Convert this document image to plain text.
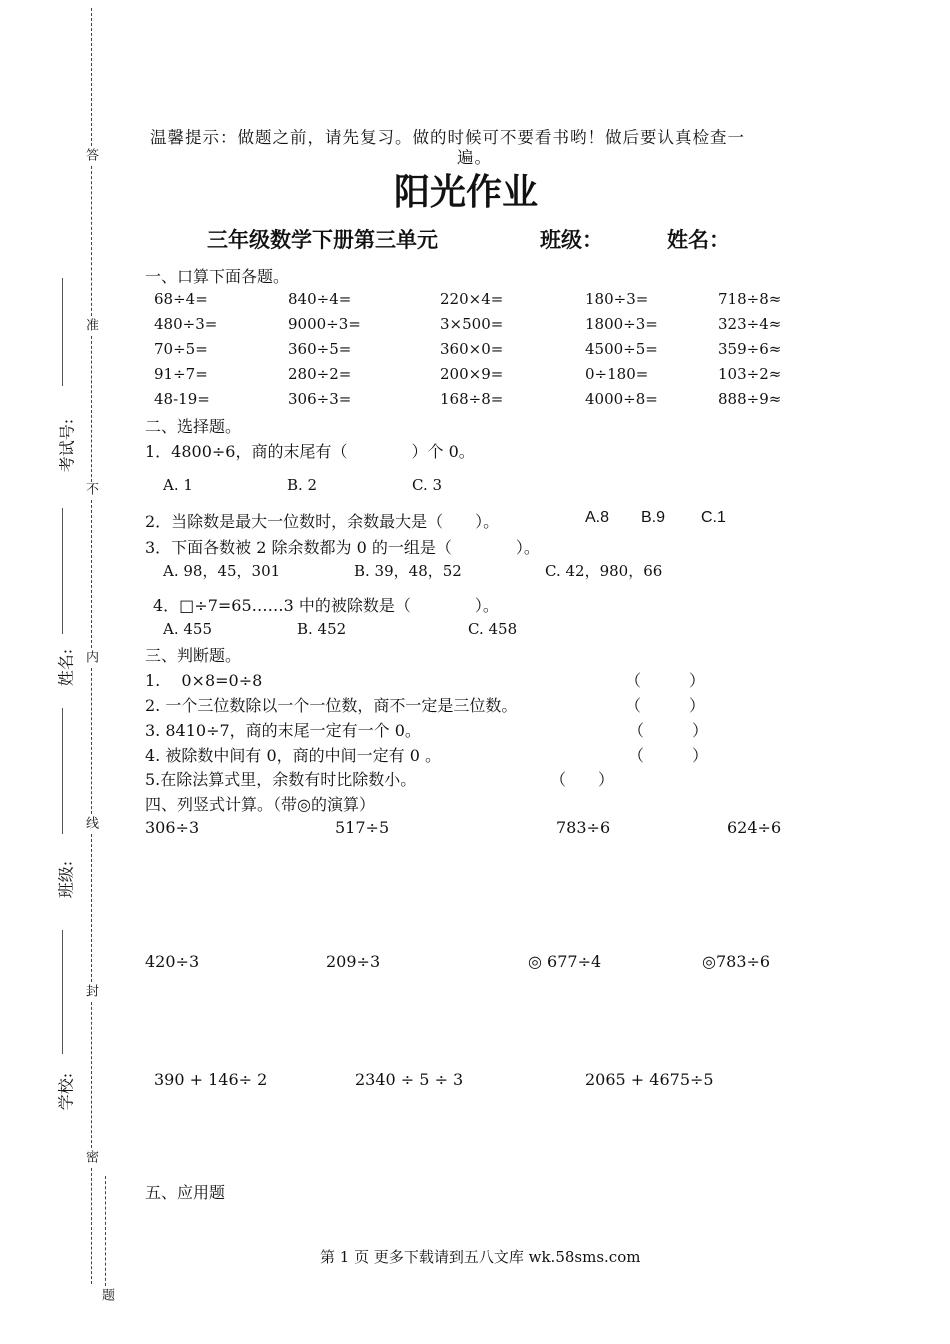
答
准
不
内
线
封
密
题
考试号:
姓名:
班级:
学校:
温馨提示：做题之前，请先复习。做的时候可不要看书哟！做后要认真检查一
遍。
阳光作业
三年级数学下册第三单元	班级：	姓名：
一、口算下面各题。
68÷4=	840÷4=	220×4=	180÷3=	718÷8≈
480÷3=	9000÷3=	3×500=	1800÷3=	323÷4≈
70÷5=	360÷5=	360×0=	4500÷5=	359÷6≈
91÷7=	280÷2=	200×9=	0÷180=	103÷2≈
48-19=	306÷3=	168÷8=	4000÷8=	888÷9≈
二、选择题。
1．4800÷6，商的末尾有（　　　　）个 0。
A. 1	B. 2	C. 3
2．当除数是最大一位数时，余数最大是（　　）。	A.8 B.9 C.1
3．下面各数被 2 除余数都为 0 的一组是（　　　　）。
A. 98，45，301	B. 39，48，52	C. 42，980，66
4．□÷7=65……3 中的被除数是（　　　　）。
A. 455	B. 452	C. 458
三、判断题。
1.　 0×8=0÷8	（　　　）
2. 一个三位数除以一个一位数，商不一定是三位数。	（　　　）
3. 8410÷7，商的末尾一定有一个 0。	（　　　）
4. 被除数中间有 0，商的中间一定有 0 。	（　　　）
5.在除法算式里，余数有时比除数小。	（　　）
四、列竖式计算。（带◎的演算）
306÷3	517÷5	783÷6	624÷6
420÷3	209÷3	◎ 677÷4	◎783÷6
390 + 146÷ 2	2340 ÷ 5 ÷ 3	2065 + 4675÷5
五、应用题
第 1 页 更多下载请到五八文库 wk.58sms.com
